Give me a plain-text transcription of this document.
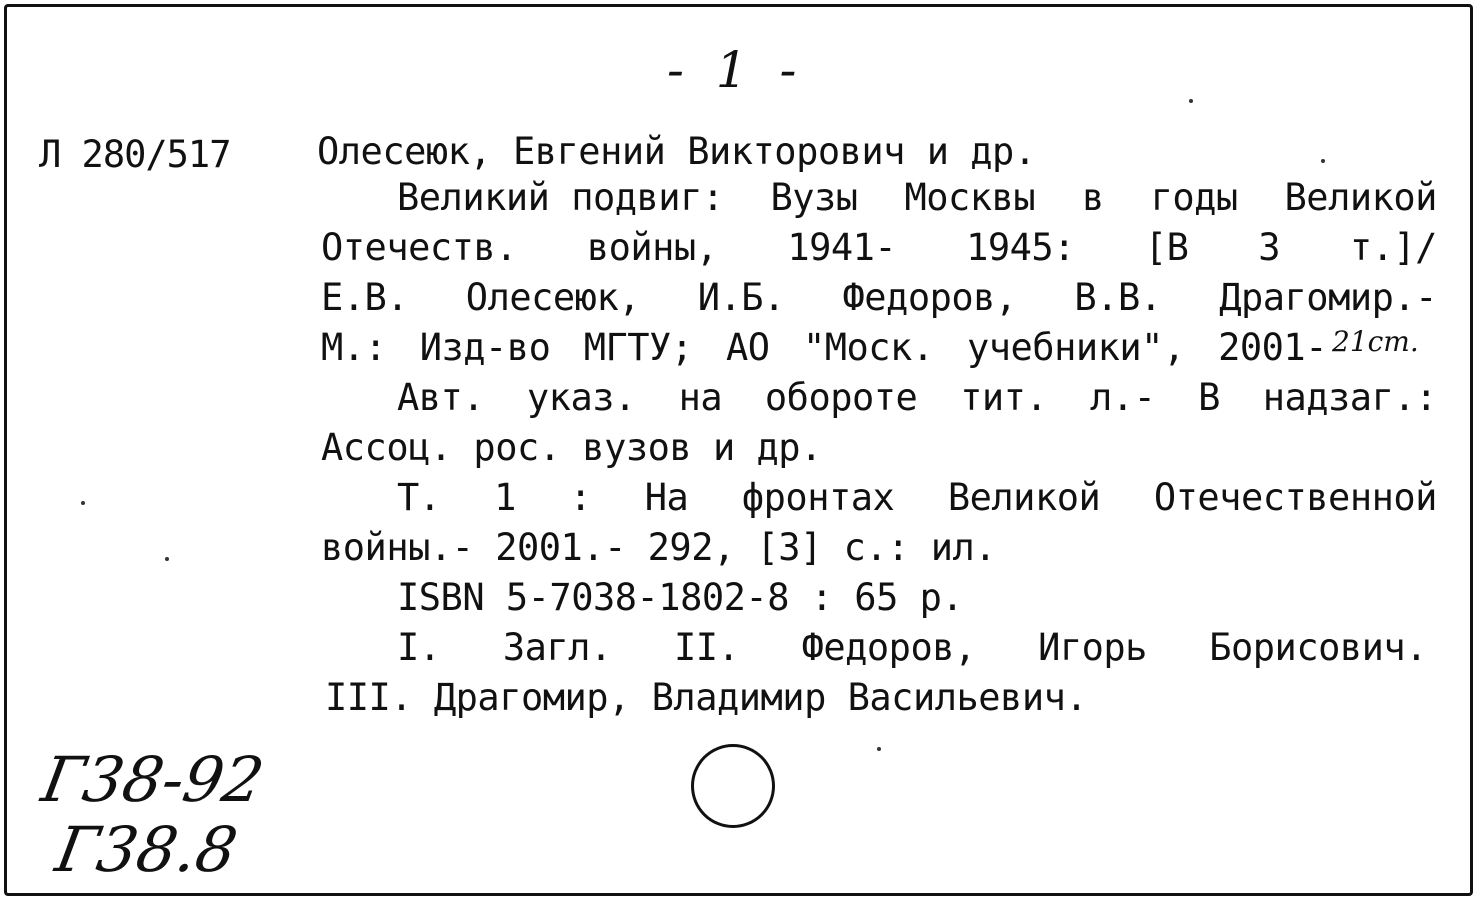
- 1 -
Л 280/517 Олесеюк, Евгений Викторович и др.
Великий подвиг: Вузы Москвы в годы Великой
Отечеств. войны, 1941- 1945: [В 3 т.]/
Е.В. Олесеюк, И.Б. Федоров, В.В. Драгомир.-
М.: Изд-во МГТУ; АО "Моск. учебники", 2001- 21cm.
Авт. указ. на обороте тит. л.- В надзаг.:
Ассоц. рос. вузов и др.
Т. 1 : На фронтах Великой Отечественной
войны.- 2001.- 292, [3] с.: ил.
ISBN 5-7038-1802-8 : 65 р.
I. Загл. II. Федоров, Игорь Борисович.
III. Драгомир, Владимир Васильевич.
Г38-92
Г38.8
